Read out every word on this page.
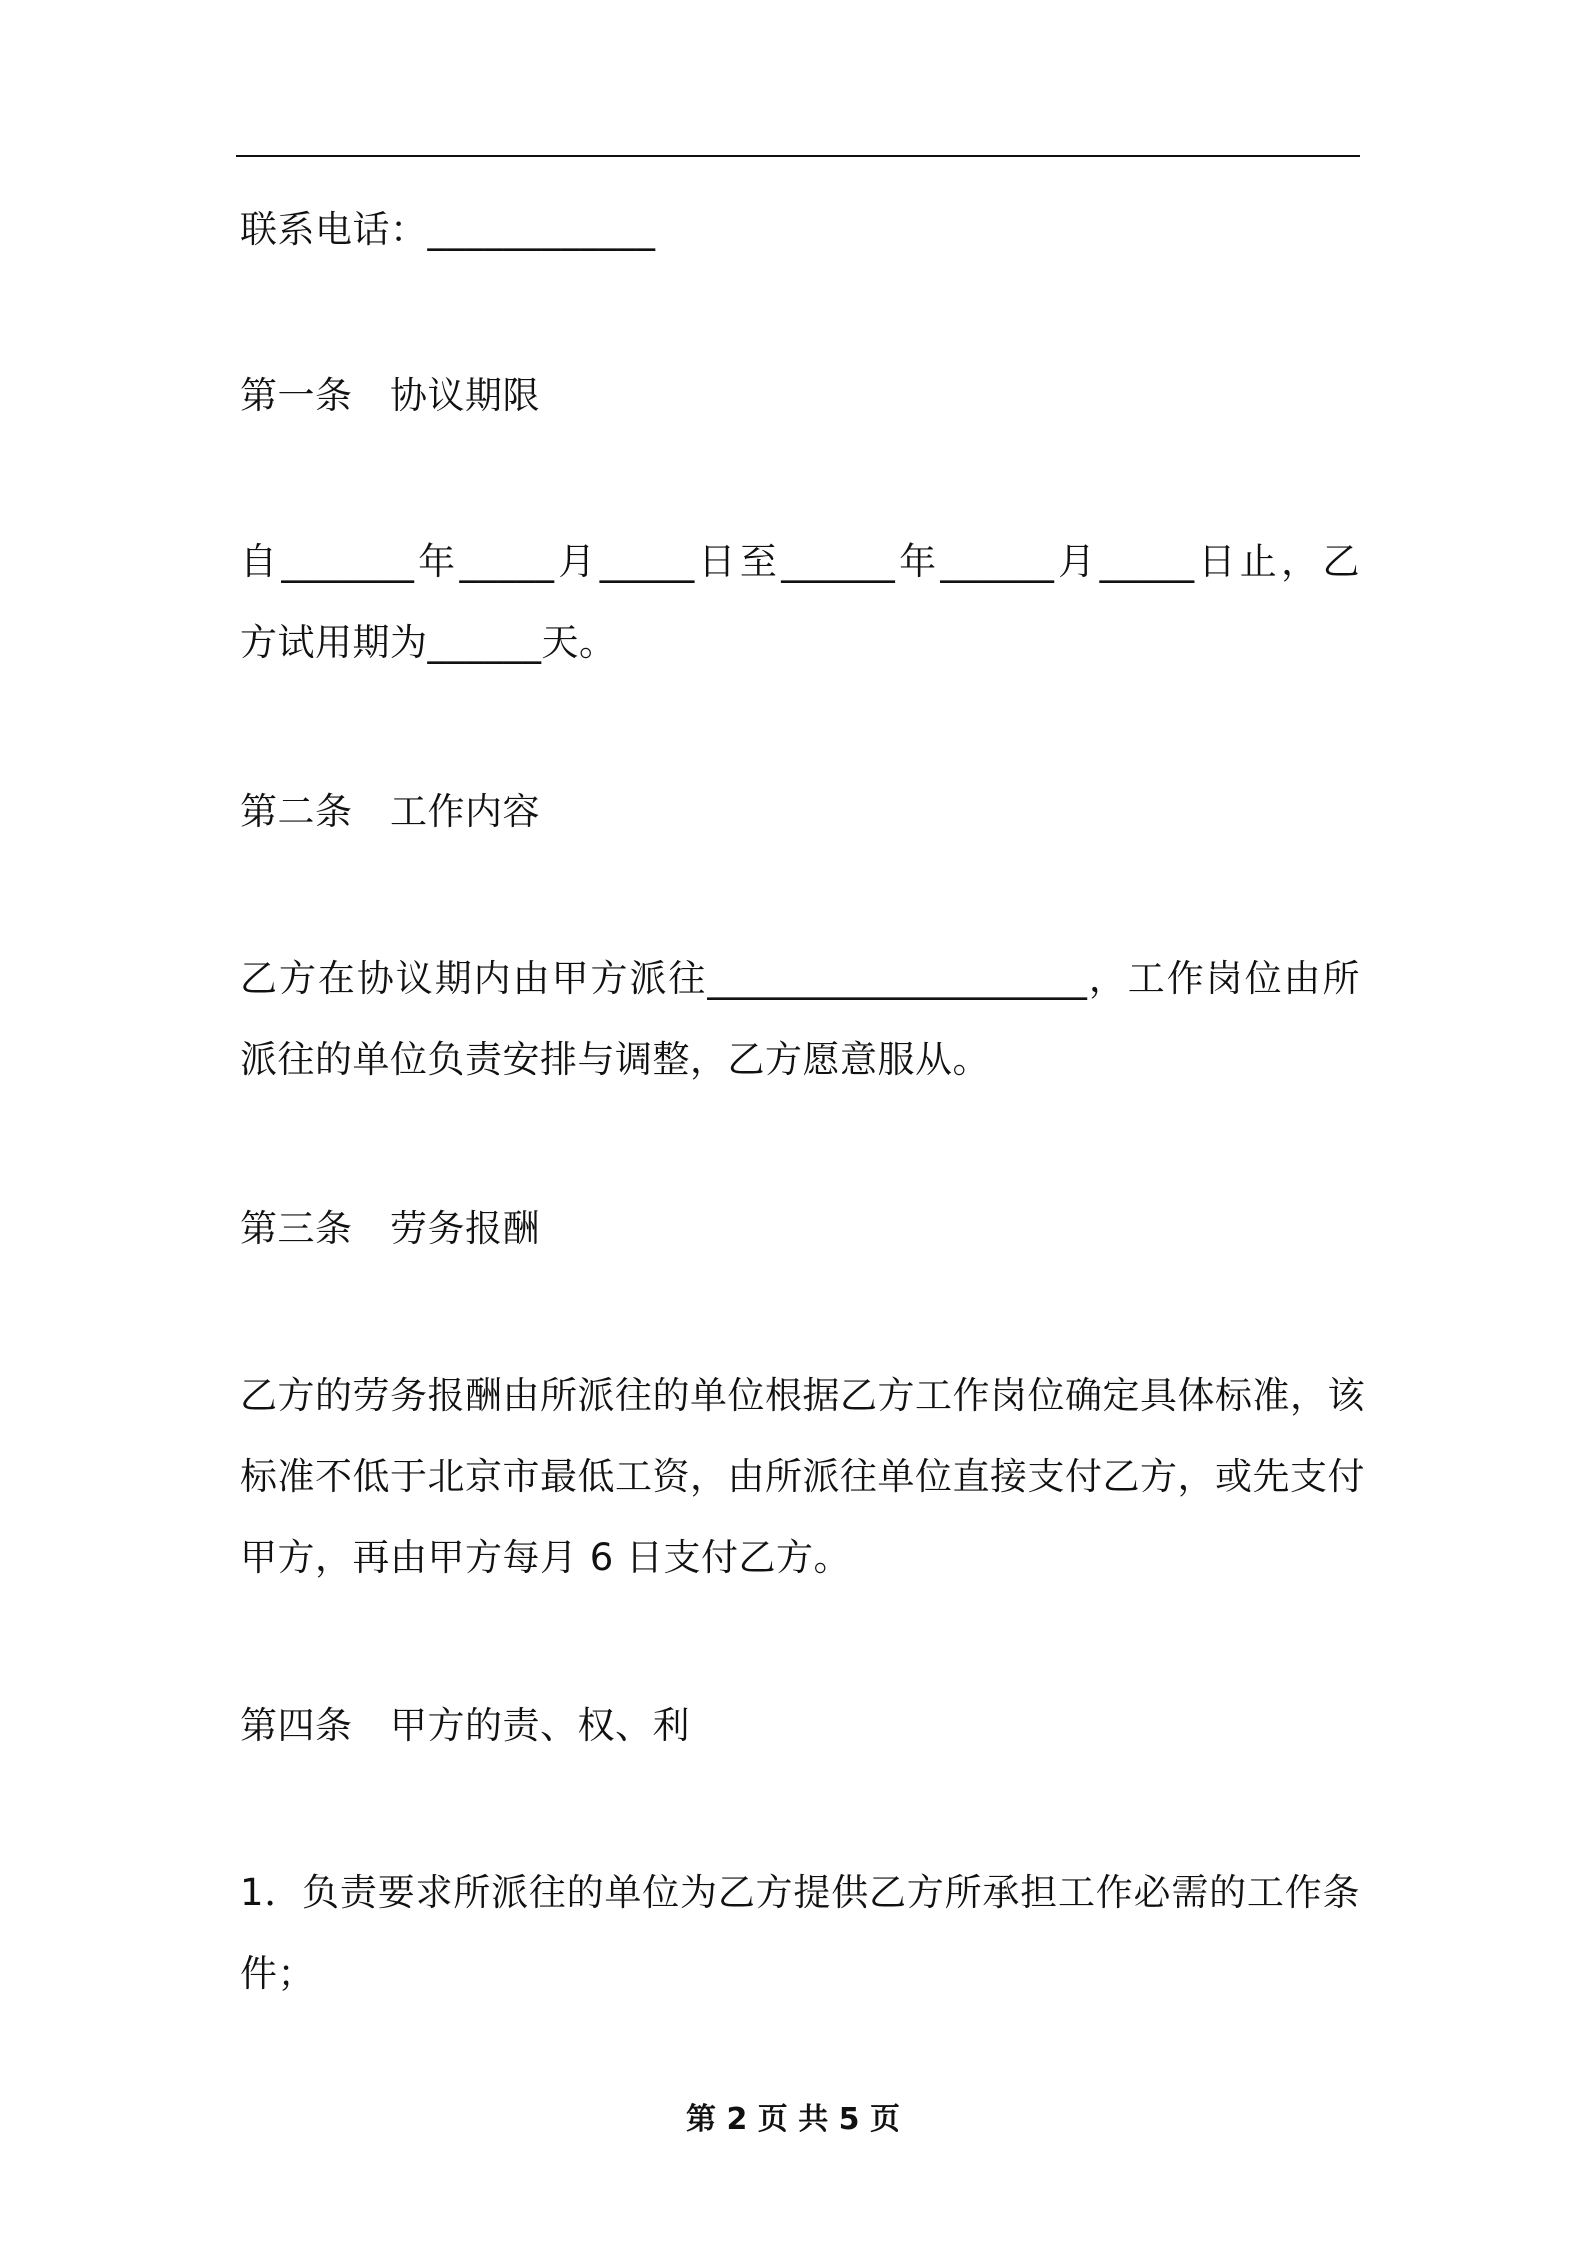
联系电话：____________
第一条　协议期限
自_______年_____月_____日至______年______月_____日止，乙
方试用期为______天。
第二条　工作内容
乙方在协议期内由甲方派往____________________，工作岗位由所
派往的单位负责安排与调整，乙方愿意服从。
第三条　劳务报酬
乙方的劳务报酬由所派往的单位根据乙方工作岗位确定具体标准，该
标准不低于北京市最低工资，由所派往单位直接支付乙方，或先支付
甲方，再由甲方每月 6 日支付乙方。
第四条　甲方的责、权、利
1．负责要求所派往的单位为乙方提供乙方所承担工作必需的工作条
件；
第 2 页 共 5 页
